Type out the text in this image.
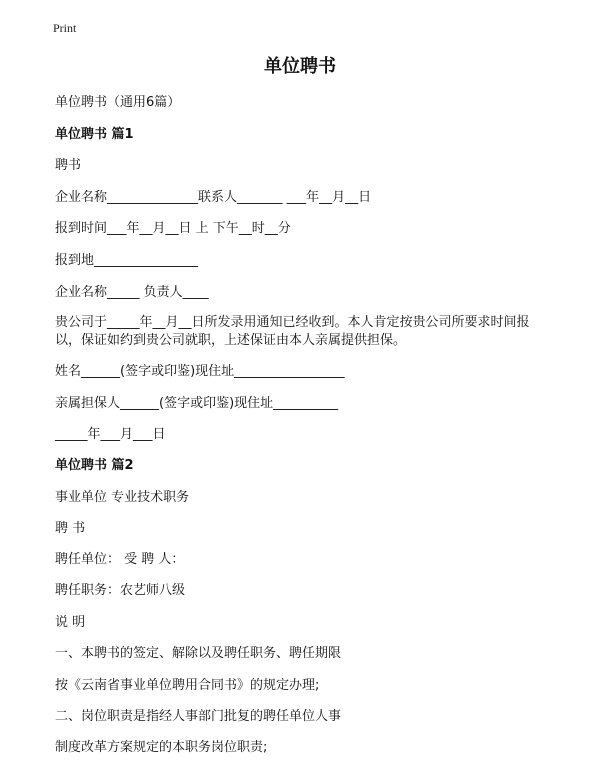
Print
单位聘书
单位聘书（通用6篇）
单位聘书 篇1
聘书
企业名称______________联系人_______ ___年__月__日
报到时间___年__月__日 上 下午__时__分
报到地________________
企业名称_____ 负责人____
贵公司于_____年__月__日所发录用通知已经收到。本人肯定按贵公司所要求时间报以，保证如约到贵公司就职，上述保证由本人亲属提供担保。
姓名______(签字或印鉴)现住址_________________
亲属担保人______(签字或印鉴)现住址__________
_____年___月___日
单位聘书 篇2
事业单位 专业技术职务
聘 书
聘任单位： 受 聘 人：
聘任职务：农艺师八级
说 明
一、本聘书的签定、解除以及聘任职务、聘任期限
按《云南省事业单位聘用合同书》的规定办理;
二、岗位职责是指经人事部门批复的聘任单位人事
制度改革方案规定的本职务岗位职责;
